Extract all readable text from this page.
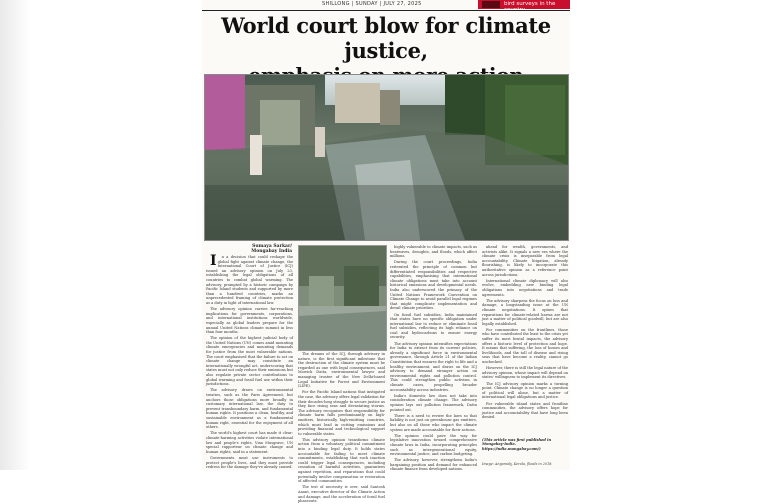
SHILLONG | SUNDAY | JULY 27, 2025	bird surveys in the
World court blow for climate justice,
Sumaya Sarkar/
Mongabay India

I n a decision that could reshape the global fight against climate change, the International Court of Justice (ICJ) issued an advisory opinion on July 23, establishing the legal obligations of all countries to combat global warming. The advisory, prompted by a historic campaign by Pacific Island students and supported by more than a hundred countries, marks an unprecedented framing of climate protection as a duty in light of international law.

The advisory opinion carries far-reaching implications for governments, corporations, and international institutions worldwide, especially as global leaders prepare for the annual United Nations climate summit in less than four months.

The opinion of the highest judicial body of the United Nations (UN) comes amid mounting climate emergencies and mounting demands for justice from the most vulnerable nations. The court emphasised that the failure to act on climate change may constitute an internationally wrongful act, underscoring that states must not only reduce their emissions but also regulate private sector contributions to global warming and fossil fuel use within their jurisdictions.

The advisory draws on environmental treaties, such as the Paris Agreement, but anchors those obligations more broadly in customary international law, the duty to prevent transboundary harm, and fundamental human rights. It positions a clean, healthy, and sustainable environment as a fundamental human right, essential for the enjoyment of all others.

The world's highest court has made it clear: climate-harming activities violate international law and people's rights, Vina Musgrave, UN special rapporteur on climate change and human rights, said in a statement.

Governments must use instruments to protect people's lives, and they must provide redress for the damage they've already caused.

The dreams of the ICJ, through advisory in nature, is the first significant milestone that the destruction of the climate system must be regarded as one with legal consequences, said Mowick Datta, environmental lawyer and managing trustee of the New Delhi-based Legal Initiative for Forest and Environment (LIFE).

For the Pacific Island nations that instigated the case, the advisory offers legal validation for their decades-long struggle to secure justice as they face rising seas and devastating storms. The advisory recognises that responsibility for climate harm falls predominantly on high-emitters, historically high-emitting countries, which must lead in cutting emissions and providing financial and technological support to vulnerable states.

This advisory opinion transforms climate action from a voluntary political commitment into a binding legal duty. It holds states accountable for failing to meet climate commitments, establishing that such inaction could trigger legal consequences, including cessation of harmful activities, guarantees against repetition, and reparations that could potentially involve compensation or restoration of affected communities.

The test of necessity is over, said Santosh Anant, executive director of the Climate Action and damage, and the acceleration of fossil fuel phaseouts.

highly vulnerable to climate impacts, such as heatwaves, droughts, and floods, which affect millions.

During the court proceedings, India reiterated the principle of common but differentiated responsibilities and respective capabilities, emphasising that international climate obligations must take into account historical emissions and developmental needs. India also underscored the primacy of the United Nations Framework Convention on Climate Change to avoid parallel legal regimes that might complicate implementation and derail climate priorities.

On fossil fuel subsidies, India maintained that states have no specific obligation under international law to reduce or eliminate fossil fuel subsidies, reflecting its high reliance on coal and hydrocarbons to ensure energy security.

The advisory opinion intensifies expectations for India to extract from its current policies, already a significant force in environmental governance, through Article 21 of the Indian Constitution that ensures the right to life and a healthy environment, and draws on the ICJ advisory to demand stronger action on environmental rights and pollution control. This could strengthen public activism in climate cases, propelling broader accountability across industries.

India's domestic law does not take into consideration climate change. The advisory opinion lays out pollution framework, Datta pointed out.

There is a need to review the laws so that liability is not just on greenhouse gas emitters, but also on all those who impact the climate system are made accountable for their actions.

The opinion could pave the way for legislative innovation toward comprehensive climate laws in India, incorporating principles such as intergenerational equity, environmental justice, and carbon budgeting.

The advisory, however, strengthens India's bargaining position and demand for enhanced climate finance from developed nations.

ahead for wealth, governments, and activists alike. It signals a new era where the climate crisis is inseparable from legal accountability. Climate litigation, already flourishing, is likely to incorporate this authoritative opinion as a reference point across jurisdictions.

International climate diplomacy will also evolve, embedding new binding legal obligations into negotiations and trade agreements.

The advisory sharpens the focus on loss and damage, a longstanding issue at the UN climate negotiations. It opines that reparations for climate-related harms are not just a matter of political goodwill, but are also legally established.

For communities on the frontlines, those who have contributed the least to the crisis yet suffer its most brutal impacts, the advisory offers a historic level of protection and hope. It means that suffering, the loss of homes and livelihoods, and the toll of disease and rising seas that have become a reality, cannot go unchecked.

However, there is still the legal nature of the advisory opinion, whose impact will depend on states' willingness to implement its directives.

The ICJ advisory opinion marks a turning point. Climate change is no longer a question of political will alone, but a matter of international legal obligations and justice.

For vulnerable island states and frontline communities, the advisory offers hope for justice and accountability that have long been denied.

(This article was first published in Mongabay-India. https://india.mongabay.com/)
Image: Angamaly, Kerala, floods in 2018.
